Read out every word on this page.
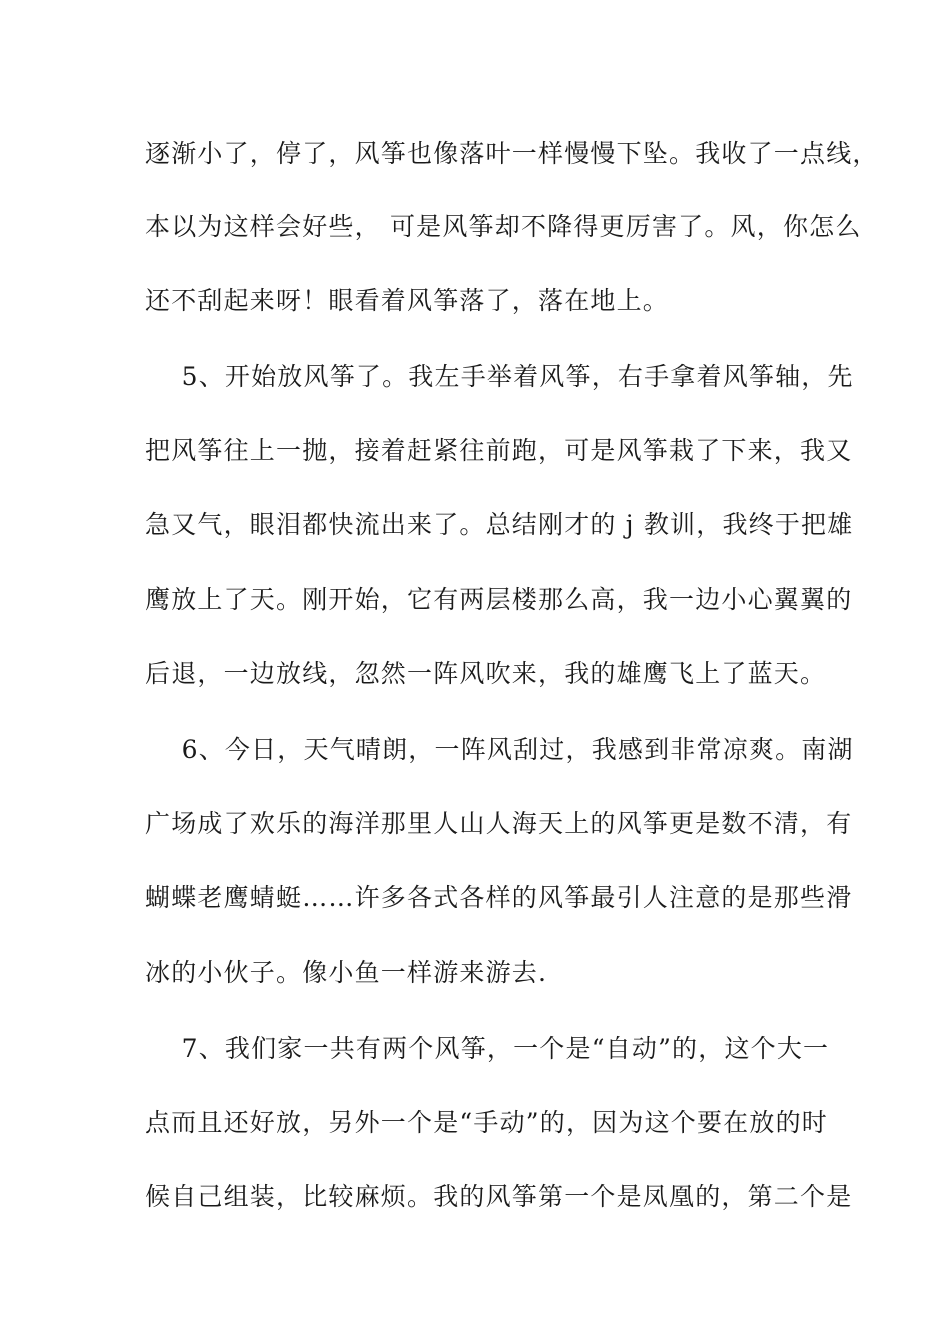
逐渐小了，停了，风筝也像落叶一样慢慢下坠。我收了一点线，
本以为这样会好些， 可是风筝却不降得更厉害了。风，你怎么
还不刮起来呀！眼看着风筝落了，落在地上。
5、开始放风筝了。我左手举着风筝，右手拿着风筝轴，先
把风筝往上一抛，接着赶紧往前跑，可是风筝栽了下来，我又
急又气，眼泪都快流出来了。总结刚才的 j 教训，我终于把雄
鹰放上了天。刚开始，它有两层楼那么高，我一边小心翼翼的
后退，一边放线，忽然一阵风吹来，我的雄鹰飞上了蓝天。
6、今日，天气晴朗，一阵风刮过，我感到非常凉爽。南湖
广场成了欢乐的海洋那里人山人海天上的风筝更是数不清，有
蝴蝶老鹰蜻蜓……许多各式各样的风筝最引人注意的是那些滑
冰的小伙子。像小鱼一样游来游去.
7、我们家一共有两个风筝，一个是“自动”的，这个大一
点而且还好放，另外一个是“手动”的，因为这个要在放的时
候自己组装，比较麻烦。我的风筝第一个是凤凰的，第二个是
